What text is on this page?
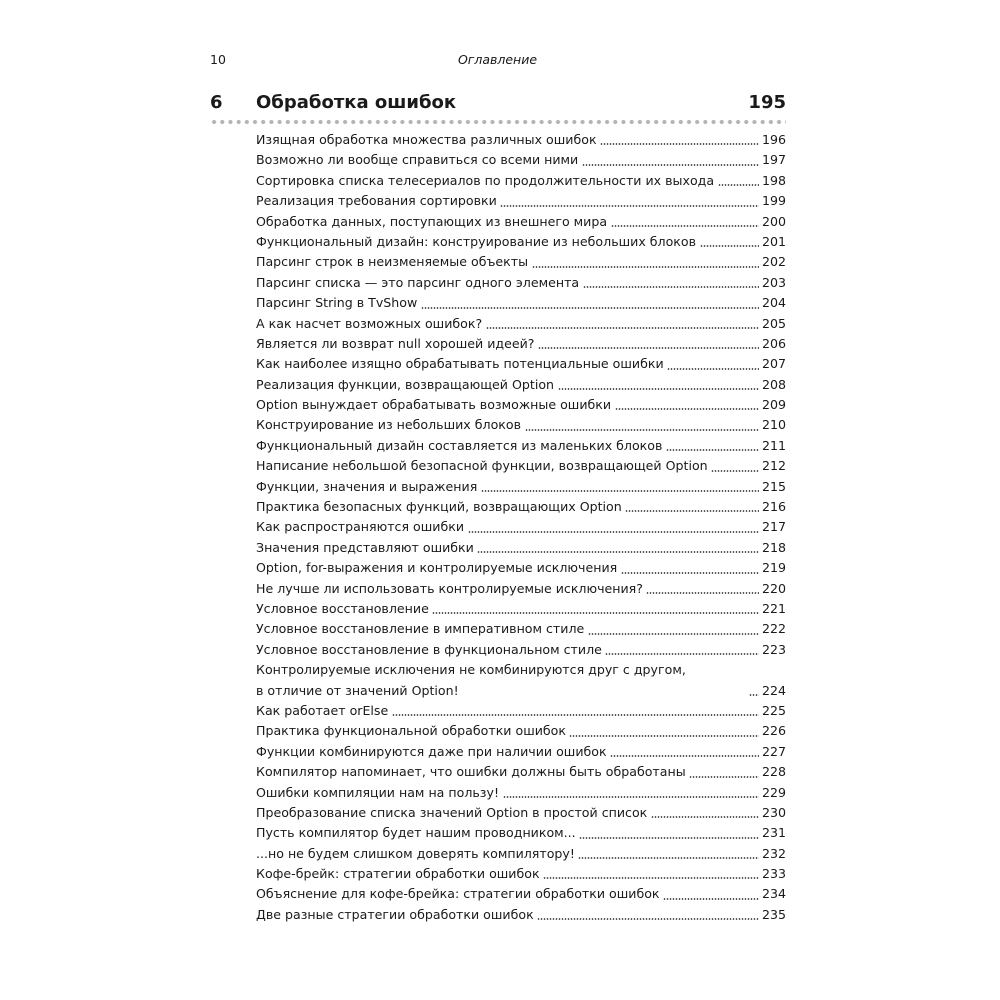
10	Оглавление
6 Обработка ошибок	195
Изящная обработка множества различных ошибок	196
Возможно ли вообще справиться со всеми ними	197
Сортировка списка телесериалов по продолжительности их выхода	198
Реализация требования сортировки	199
Обработка данных, поступающих из внешнего мира	200
Функциональный дизайн: конструирование из небольших блоков	201
Парсинг строк в неизменяемые объекты	202
Парсинг списка — это парсинг одного элемента	203
Парсинг String в TvShow	204
А как насчет возможных ошибок?	205
Является ли возврат null хорошей идеей?	206
Как наиболее изящно обрабатывать потенциальные ошибки	207
Реализация функции, возвращающей Option	208
Option вынуждает обрабатывать возможные ошибки	209
Конструирование из небольших блоков	210
Функциональный дизайн составляется из маленьких блоков	211
Написание небольшой безопасной функции, возвращающей Option	212
Функции, значения и выражения	215
Практика безопасных функций, возвращающих Option	216
Как распространяются ошибки	217
Значения представляют ошибки	218
Option, for-выражения и контролируемые исключения	219
Не лучше ли использовать контролируемые исключения?	220
Условное восстановление	221
Условное восстановление в императивном стиле	222
Условное восстановление в функциональном стиле	223
Контролируемые исключения не комбинируются друг с другом,
в отличие от значений Option!	224
Как работает orElse	225
Практика функциональной обработки ошибок	226
Функции комбинируются даже при наличии ошибок	227
Компилятор напоминает, что ошибки должны быть обработаны	228
Ошибки компиляции нам на пользу!	229
Преобразование списка значений Option в простой список	230
Пусть компилятор будет нашим проводником...	231
...но не будем слишком доверять компилятору!	232
Кофе-брейк: стратегии обработки ошибок	233
Объяснение для кофе-брейка: стратегии обработки ошибок	234
Две разные стратегии обработки ошибок	235
